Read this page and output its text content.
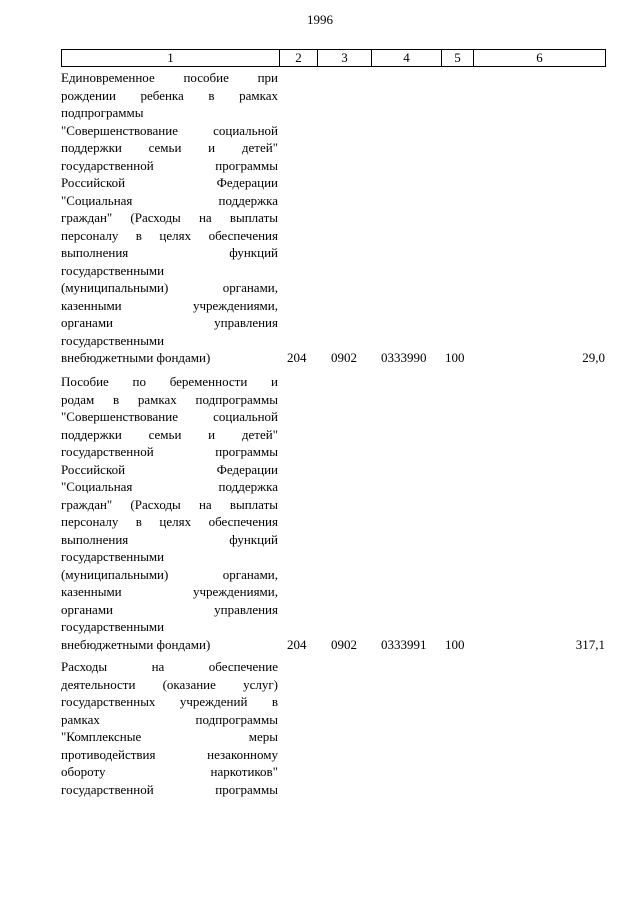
1996
1	2	3	4	5	6

Единовременное пособие при

рождении ребенка в рамках

подпрограммы

"Совершенствование социальной

поддержки семьи и детей"

государственной программы

Российской Федерации

"Социальная поддержка

граждан" (Расходы на выплаты

персоналу в целях обеспечения

выполнения функций

государственными

(муниципальными) органами,

казенными учреждениями,

органами управления

государственными

внебюджетными фондами)	204 0902 0333990 100	29,0

Пособие по беременности и

родам в рамках подпрограммы

"Совершенствование социальной

поддержки семьи и детей"

государственной программы

Российской Федерации

"Социальная поддержка

граждан" (Расходы на выплаты

персоналу в целях обеспечения

выполнения функций

государственными

(муниципальными) органами,

казенными учреждениями,

органами управления

государственными

внебюджетными фондами)	204 0902 0333991 100	317,1

Расходы на обеспечение

деятельности (оказание услуг)

государственных учреждений в

рамках подпрограммы

"Комплексные меры

противодействия незаконному

обороту наркотиков"

государственной программы
